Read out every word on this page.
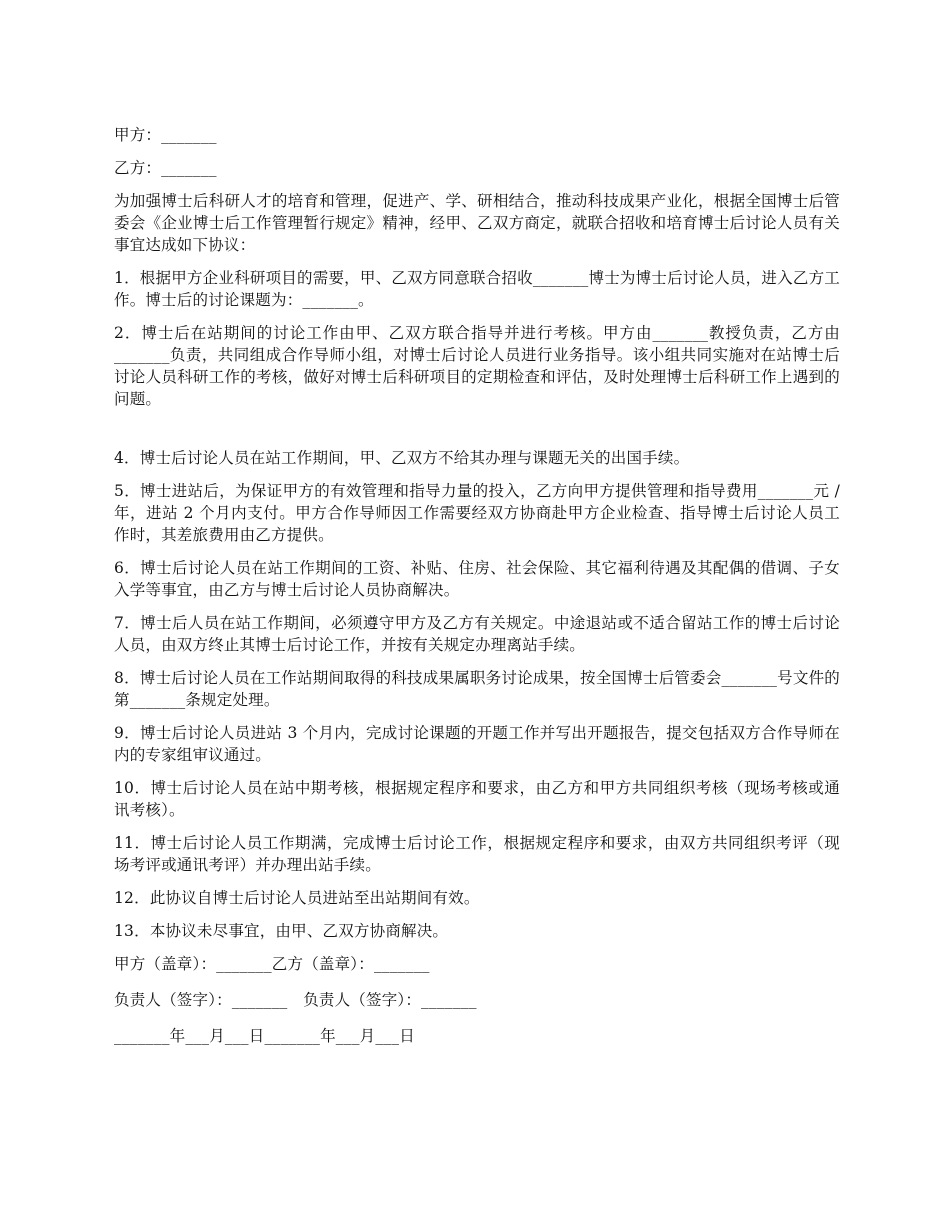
甲方：_______

乙方：_______

为加强博士后科研人才的培育和管理，促进产、学、研相结合，推动科技成果产业化，根据全国博士后管委会《企业博士后工作管理暂行规定》精神，经甲、乙双方商定，就联合招收和培育博士后讨论人员有关事宜达成如下协议：

1．根据甲方企业科研项目的需要，甲、乙双方同意联合招收_______博士为博士后讨论人员，进入乙方工作。博士后的讨论课题为：_______。

2．博士后在站期间的讨论工作由甲、乙双方联合指导并进行考核。甲方由_______教授负责，乙方由_______负责，共同组成合作导师小组，对博士后讨论人员进行业务指导。该小组共同实施对在站博士后讨论人员科研工作的考核，做好对博士后科研项目的定期检查和评估，及时处理博士后科研工作上遇到的问题。

4．博士后讨论人员在站工作期间，甲、乙双方不给其办理与课题无关的出国手续。

5．博士进站后，为保证甲方的有效管理和指导力量的投入，乙方向甲方提供管理和指导费用_______元 / 年，进站 2 个月内支付。甲方合作导师因工作需要经双方协商赴甲方企业检查、指导博士后讨论人员工作时，其差旅费用由乙方提供。

6．博士后讨论人员在站工作期间的工资、补贴、住房、社会保险、其它福利待遇及其配偶的借调、子女入学等事宜，由乙方与博士后讨论人员协商解决。

7．博士后人员在站工作期间，必须遵守甲方及乙方有关规定。中途退站或不适合留站工作的博士后讨论人员，由双方终止其博士后讨论工作，并按有关规定办理离站手续。

8．博士后讨论人员在工作站期间取得的科技成果属职务讨论成果，按全国博士后管委会_______号文件的第_______条规定处理。

9．博士后讨论人员进站 3 个月内，完成讨论课题的开题工作并写出开题报告，提交包括双方合作导师在内的专家组审议通过。

10．博士后讨论人员在站中期考核，根据规定程序和要求，由乙方和甲方共同组织考核（现场考核或通讯考核）。

11．博士后讨论人员工作期满，完成博士后讨论工作，根据规定程序和要求，由双方共同组织考评（现场考评或通讯考评）并办理出站手续。

12．此协议自博士后讨论人员进站至出站期间有效。

13．本协议未尽事宜，由甲、乙双方协商解决。

甲方（盖章）：_______乙方（盖章）：_______

负责人（签字）：_______　负责人（签字）：_______

_______年___月___日_______年___月___日
